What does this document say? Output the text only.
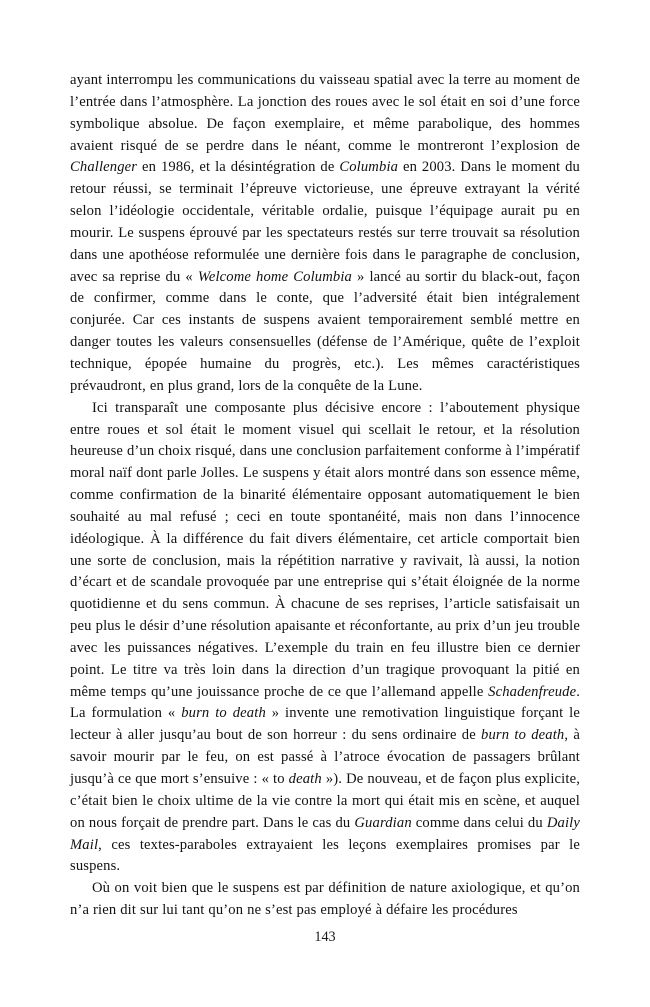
ayant interrompu les communications du vaisseau spatial avec la terre au moment de l’entrée dans l’atmosphère. La jonction des roues avec le sol était en soi d’une force symbolique absolue. De façon exemplaire, et même parabolique, des hommes avaient risqué de se perdre dans le néant, comme le montreront l’explosion de Challenger en 1986, et la désintégration de Columbia en 2003. Dans le moment du retour réussi, se terminait l’épreuve victorieuse, une épreuve extrayant la vérité selon l’idéologie occidentale, véritable ordalie, puisque l’équipage aurait pu en mourir. Le suspens éprouvé par les spectateurs restés sur terre trouvait sa résolution dans une apothéose reformulée une dernière fois dans le paragraphe de conclusion, avec sa reprise du « Welcome home Columbia » lancé au sortir du black-out, façon de confirmer, comme dans le conte, que l’adversité était bien intégralement conjurée. Car ces instants de suspens avaient temporairement semblé mettre en danger toutes les valeurs consensuelles (défense de l’Amérique, quête de l’exploit technique, épopée humaine du progrès, etc.). Les mêmes caractéristiques prévaudront, en plus grand, lors de la conquête de la Lune.

Ici transparaît une composante plus décisive encore : l’aboutement physique entre roues et sol était le moment visuel qui scellait le retour, et la résolution heureuse d’un choix risqué, dans une conclusion parfaitement conforme à l’impératif moral naïf dont parle Jolles. Le suspens y était alors montré dans son essence même, comme confirmation de la binarité élémentaire opposant automatiquement le bien souhaité au mal refusé ; ceci en toute spontanéité, mais non dans l’innocence idéologique. À la différence du fait divers élémentaire, cet article comportait bien une sorte de conclusion, mais la répétition narrative y ravivait, là aussi, la notion d’écart et de scandale provoquée par une entreprise qui s’était éloignée de la norme quotidienne et du sens commun. À chacune de ses reprises, l’article satisfaisait un peu plus le désir d’une résolution apaisante et réconfortante, au prix d’un jeu trouble avec les puissances négatives. L’exemple du train en feu illustre bien ce dernier point. Le titre va très loin dans la direction d’un tragique provoquant la pitié en même temps qu’une jouissance proche de ce que l’allemand appelle Schadenfreude. La formulation « burn to death » invente une remotivation linguistique forçant le lecteur à aller jusqu’au bout de son horreur : du sens ordinaire de burn to death, à savoir mourir par le feu, on est passé à l’atroce évocation de passagers brûlant jusqu’à ce que mort s’ensuive : « to death »). De nouveau, et de façon plus explicite, c’était bien le choix ultime de la vie contre la mort qui était mis en scène, et auquel on nous forçait de prendre part. Dans le cas du Guardian comme dans celui du Daily Mail, ces textes-paraboles extrayaient les leçons exemplaires promises par le suspens.

Où on voit bien que le suspens est par définition de nature axiologique, et qu’on n’a rien dit sur lui tant qu’on ne s’est pas employé à défaire les procédures

143
